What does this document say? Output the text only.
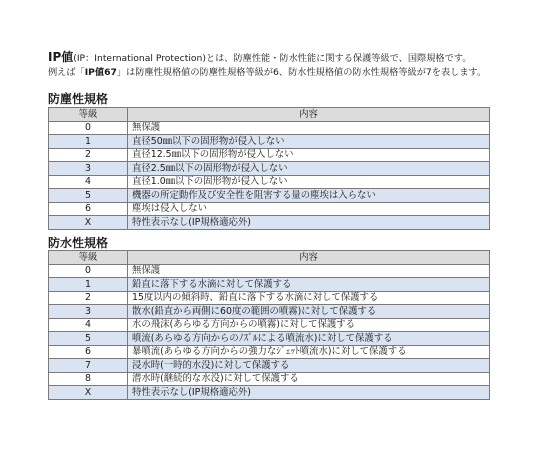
IP値(IP：International Protection)とは、防塵性能・防水性能に関する保護等級で、国際規格です。

例えば「IP値67」は防塵性規格値の防塵性規格等級が6、防水性規格値の防水性規格等級が7を表します。

防塵性規格
等級	内容
0	無保護
1	直径50㎜以下の固形物が侵入しない
2	直径12.5㎜以下の固形物が侵入しない
3	直径2.5㎜以下の固形物が侵入しない
4	直径1.0㎜以下の固形物が侵入しない
5	機器の所定動作及び安全性を阻害する量の塵埃は入らない
6	塵埃は侵入しない
X	特性表示なし(IP規格適応外)
防水性規格
等級	内容
0	無保護
1	鉛直に落下する水滴に対して保護する
2	15度以内の傾斜時、鉛直に落下する水滴に対して保護する
3	散水(鉛直から両側に60度の範囲の噴霧)に対して保護する
4	水の飛沫(あらゆる方向からの噴霧)に対して保護する
5	噴流(あらゆる方向からのﾉｽﾞﾙによる噴流水)に対して保護する
6	暴噴流(あらゆる方向からの強力なｼﾞｪｯﾄ噴流水)に対して保護する
7	浸水時(一時的水没)に対して保護する
8	潜水時(継続的な水没)に対して保護する
X	特性表示なし(IP規格適応外)
